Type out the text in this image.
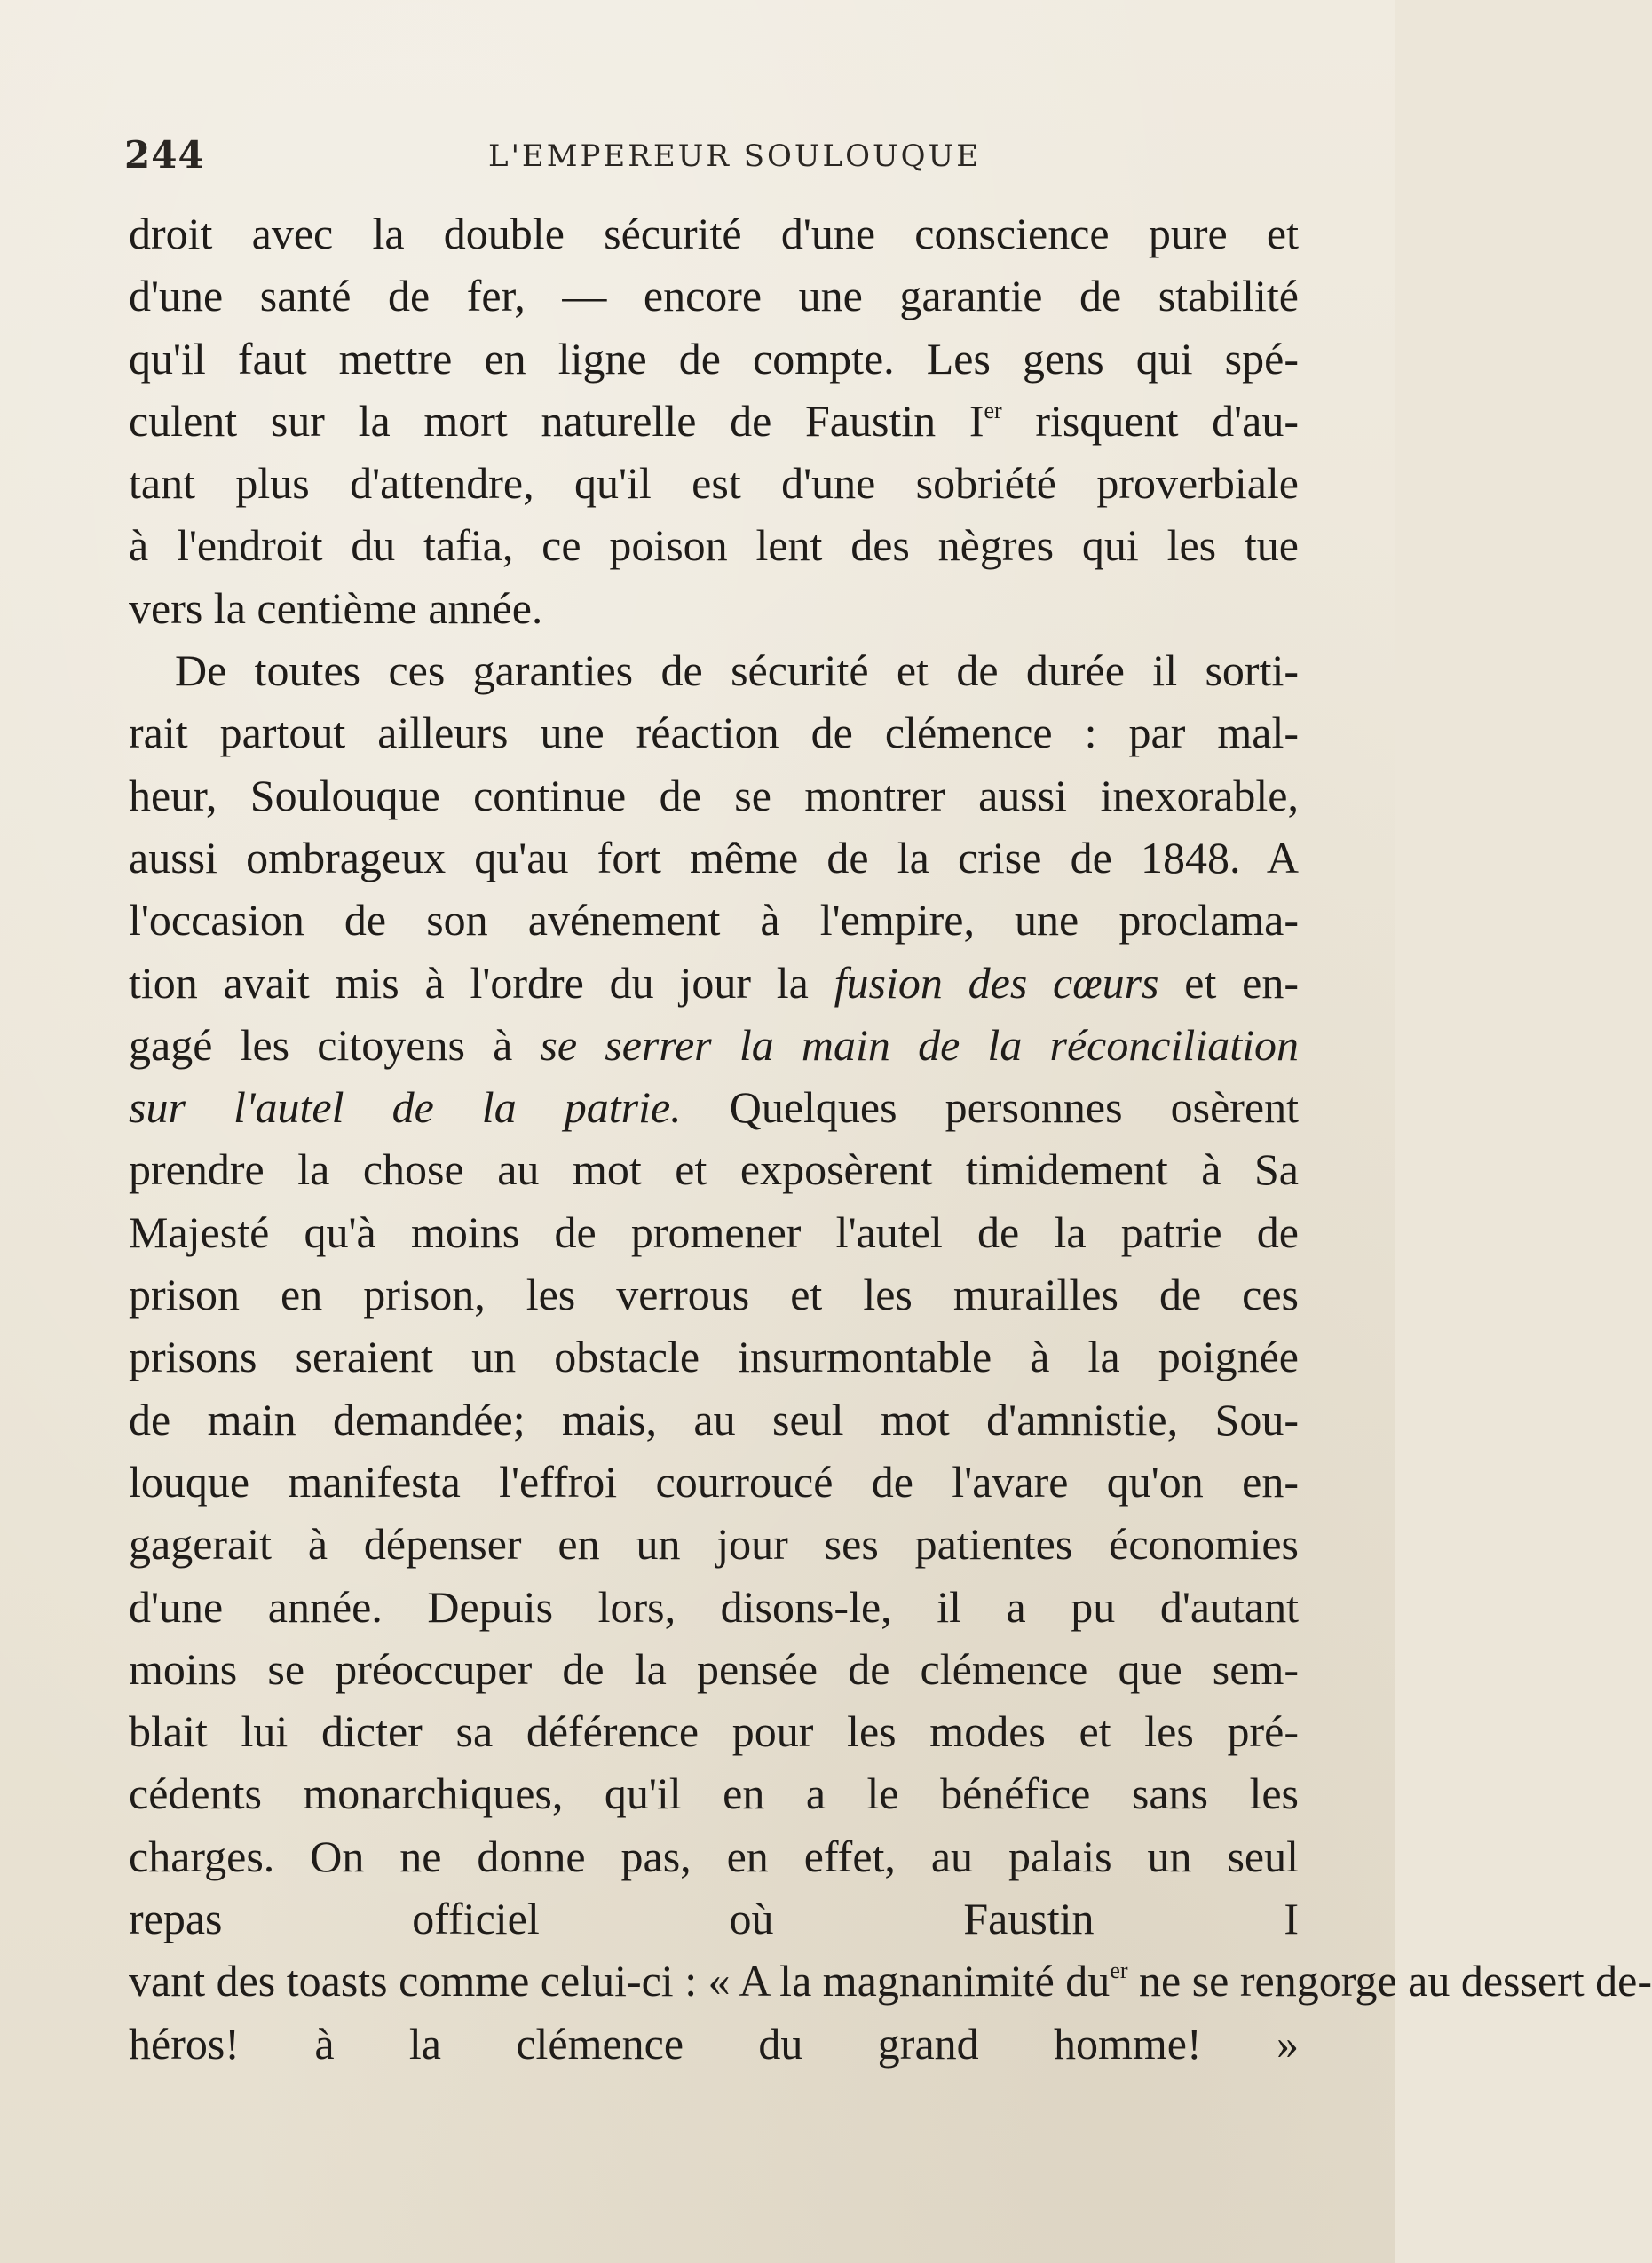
244	L'EMPEREUR SOULOUQUE

droit avec la double sécurité d'une conscience pure et
d'une santé de fer, — encore une garantie de stabilité
qu'il faut mettre en ligne de compte. Les gens qui spé-
culent sur la mort naturelle de Faustin Ier risquent d'au-
tant plus d'attendre, qu'il est d'une sobriété proverbiale
à l'endroit du tafia, ce poison lent des nègres qui les tue
vers la centième année.

De toutes ces garanties de sécurité et de durée il sorti-
rait partout ailleurs une réaction de clémence : par mal-
heur, Soulouque continue de se montrer aussi inexorable,
aussi ombrageux qu'au fort même de la crise de 1848. A
l'occasion de son avénement à l'empire, une proclama-
tion avait mis à l'ordre du jour la fusion des cœurs et en-
gagé les citoyens à se serrer la main de la réconciliation
sur l'autel de la patrie. Quelques personnes osèrent
prendre la chose au mot et exposèrent timidement à Sa
Majesté qu'à moins de promener l'autel de la patrie de
prison en prison, les verrous et les murailles de ces
prisons seraient un obstacle insurmontable à la poignée
de main demandée; mais, au seul mot d'amnistie, Sou-
louque manifesta l'effroi courroucé de l'avare qu'on en-
gagerait à dépenser en un jour ses patientes économies
d'une année. Depuis lors, disons-le, il a pu d'autant
moins se préoccuper de la pensée de clémence que sem-
blait lui dicter sa déférence pour les modes et les pré-
cédents monarchiques, qu'il en a le bénéfice sans les
charges. On ne donne pas, en effet, au palais un seul
repas officiel où Faustin I
vant des toasts comme celui-ci : « A la magnanimité $du^{er}$ ne se rengorge au dessert de-
héros! à la clémence du grand homme! »
